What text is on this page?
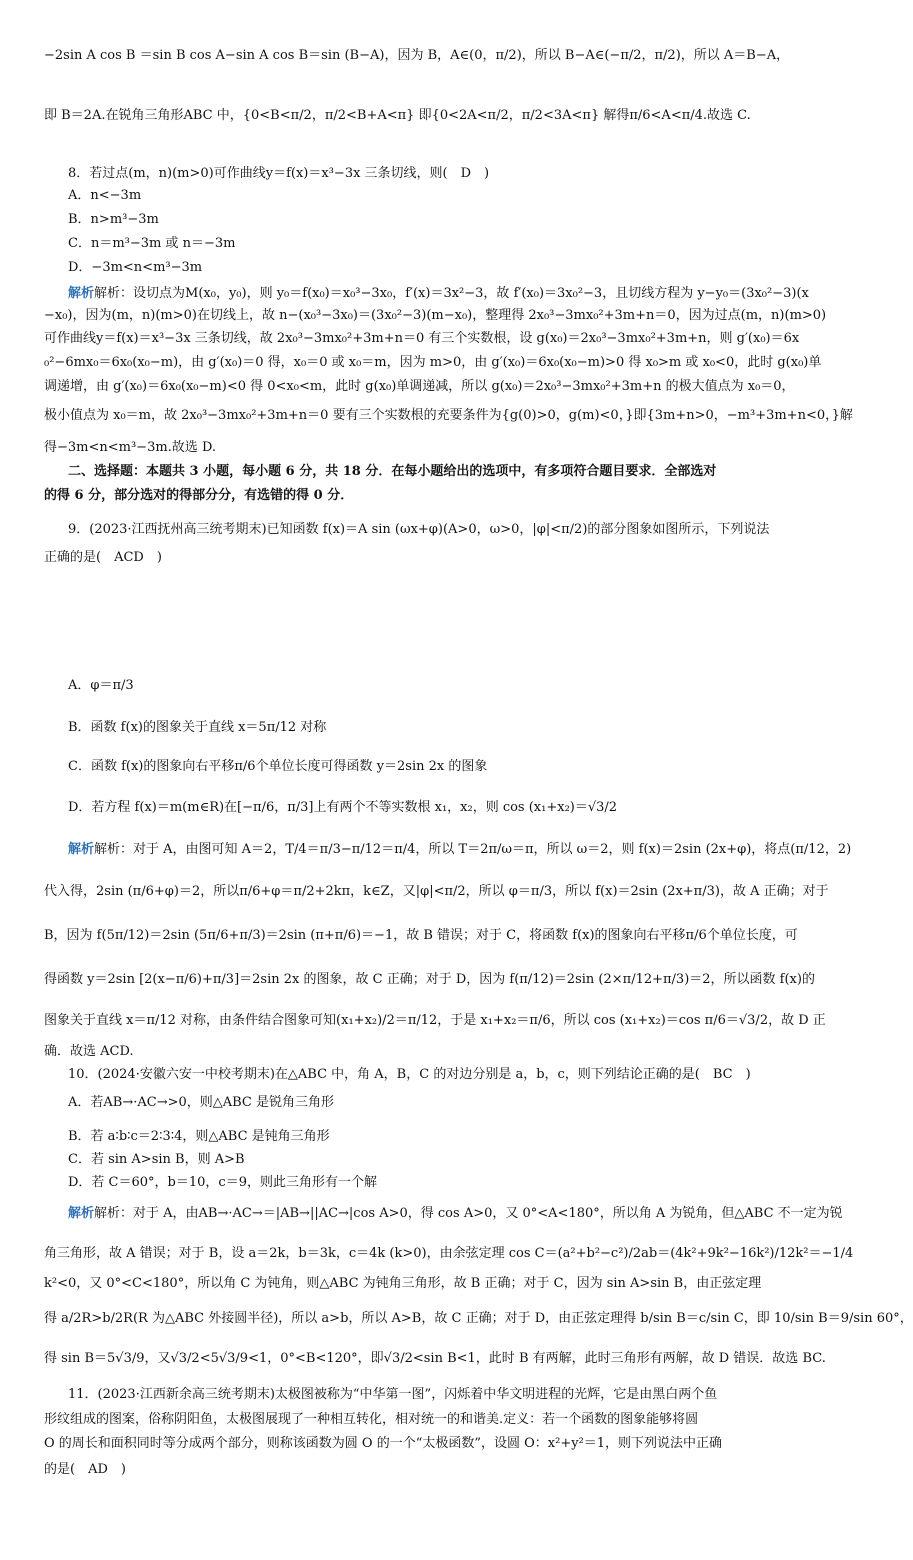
−2sin A cos B ＝sin B cos A−sin A cos B＝sin (B−A)，因为 B，A∈(0，π/2)，所以 B−A∈(−π/2，π/2)，所以 A＝B−A，
即 B＝2A.在锐角三角形ABC 中，{0<B<π/2，π/2<B+A<π} 即{0<2A<π/2，π/2<3A<π} 解得π/6<A<π/4.故选 C.
8．若过点(m，n)(m>0)可作曲线y＝f(x)＝x³−3x 三条切线，则(　D　)
A．n<−3m
B．n>m³−3m
C．n＝m³−3m 或 n＝−3m
D．−3m<n<m³−3m
解析解析：设切点为M(x₀，y₀)，则 y₀＝f(x₀)＝x₀³−3x₀，f′(x)＝3x²−3，故 f′(x₀)＝3x₀²−3，且切线方程为 y−y₀＝(3x₀²−3)(x
−x₀)，因为(m，n)(m>0)在切线上，故 n−(x₀³−3x₀)＝(3x₀²−3)(m−x₀)，整理得 2x₀³−3mx₀²+3m+n＝0，因为过点(m，n)(m>0)
可作曲线y＝f(x)＝x³−3x 三条切线，故 2x₀³−3mx₀²+3m+n＝0 有三个实数根，设 g(x₀)＝2x₀³−3mx₀²+3m+n，则 g′(x₀)＝6x
₀²−6mx₀＝6x₀(x₀−m)，由 g′(x₀)＝0 得，x₀＝0 或 x₀＝m，因为 m>0，由 g′(x₀)＝6x₀(x₀−m)>0 得 x₀>m 或 x₀<0，此时 g(x₀)单
调递增，由 g′(x₀)＝6x₀(x₀−m)<0 得 0<x₀<m，此时 g(x₀)单调递减，所以 g(x₀)＝2x₀³−3mx₀²+3m+n 的极大值点为 x₀＝0，
极小值点为 x₀＝m，故 2x₀³−3mx₀²+3m+n＝0 要有三个实数根的充要条件为{g(0)>0，g(m)<0，}即{3m+n>0，−m³+3m+n<0，}解
得−3m<n<m³−3m.故选 D.
二、选择题：本题共 3 小题，每小题 6 分，共 18 分．在每小题给出的选项中，有多项符合题目要求．全部选对
的得 6 分，部分选对的得部分分，有选错的得 0 分．
9．(2023·江西抚州高三统考期末)已知函数 f(x)＝A sin (ωx+φ)(A>0，ω>0，|φ|<π/2)的部分图象如图所示，下列说法
正确的是(　ACD　)
A．φ＝π/3
B．函数 f(x)的图象关于直线 x＝5π/12 对称
C．函数 f(x)的图象向右平移π/6个单位长度可得函数 y＝2sin 2x 的图象
D．若方程 f(x)＝m(m∈R)在[−π/6，π/3]上有两个不等实数根 x₁，x₂，则 cos (x₁+x₂)＝√3/2
解析解析：对于 A，由图可知 A＝2，T/4＝π/3−π/12＝π/4，所以 T＝2π/ω＝π，所以 ω＝2，则 f(x)＝2sin (2x+φ)，将点(π/12，2)
代入得，2sin (π/6+φ)＝2，所以π/6+φ＝π/2+2kπ，k∈Z，又|φ|<π/2，所以 φ＝π/3，所以 f(x)＝2sin (2x+π/3)，故 A 正确；对于
B，因为 f(5π/12)＝2sin (5π/6+π/3)＝2sin (π+π/6)＝−1，故 B 错误；对于 C，将函数 f(x)的图象向右平移π/6个单位长度，可
得函数 y＝2sin [2(x−π/6)+π/3]＝2sin 2x 的图象，故 C 正确；对于 D，因为 f(π/12)＝2sin (2×π/12+π/3)＝2，所以函数 f(x)的
图象关于直线 x＝π/12 对称，由条件结合图象可知(x₁+x₂)/2＝π/12，于是 x₁+x₂＝π/6，所以 cos (x₁+x₂)＝cos π/6＝√3/2，故 D 正
确．故选 ACD.
10．(2024·安徽六安一中校考期末)在△ABC 中，角 A，B，C 的对边分别是 a，b，c，则下列结论正确的是(　BC　)
A．若AB→·AC→>0，则△ABC 是锐角三角形
B．若 a∶b∶c＝2∶3∶4，则△ABC 是钝角三角形
C．若 sin A>sin B，则 A>B
D．若 C＝60°，b＝10，c＝9，则此三角形有一个解
解析解析：对于 A，由AB→·AC→＝|AB→||AC→|cos A>0，得 cos A>0，又 0°<A<180°，所以角 A 为锐角，但△ABC 不一定为锐
角三角形，故 A 错误；对于 B，设 a＝2k，b＝3k，c＝4k (k>0)，由余弦定理 cos C＝(a²+b²−c²)/2ab＝(4k²+9k²−16k²)/12k²＝−1/4
k²<0，又 0°<C<180°，所以角 C 为钝角，则△ABC 为钝角三角形，故 B 正确；对于 C，因为 sin A>sin B，由正弦定理
得 a/2R>b/2R(R 为△ABC 外接圆半径)，所以 a>b，所以 A>B，故 C 正确；对于 D，由正弦定理得 b/sin B＝c/sin C，即 10/sin B＝9/sin 60°，
得 sin B＝5√3/9，又√3/2<5√3/9<1，0°<B<120°，即√3/2<sin B<1，此时 B 有两解，此时三角形有两解，故 D 错误．故选 BC.
11．(2023·江西新余高三统考期末)太极图被称为“中华第一图”，闪烁着中华文明进程的光辉，它是由黑白两个鱼
形纹组成的图案，俗称阴阳鱼，太极图展现了一种相互转化，相对统一的和谐美.定义：若一个函数的图象能够将圆
O 的周长和面积同时等分成两个部分，则称该函数为圆 O 的一个“太极函数”，设圆 O：x²+y²＝1，则下列说法中正确
的是(　AD　)
